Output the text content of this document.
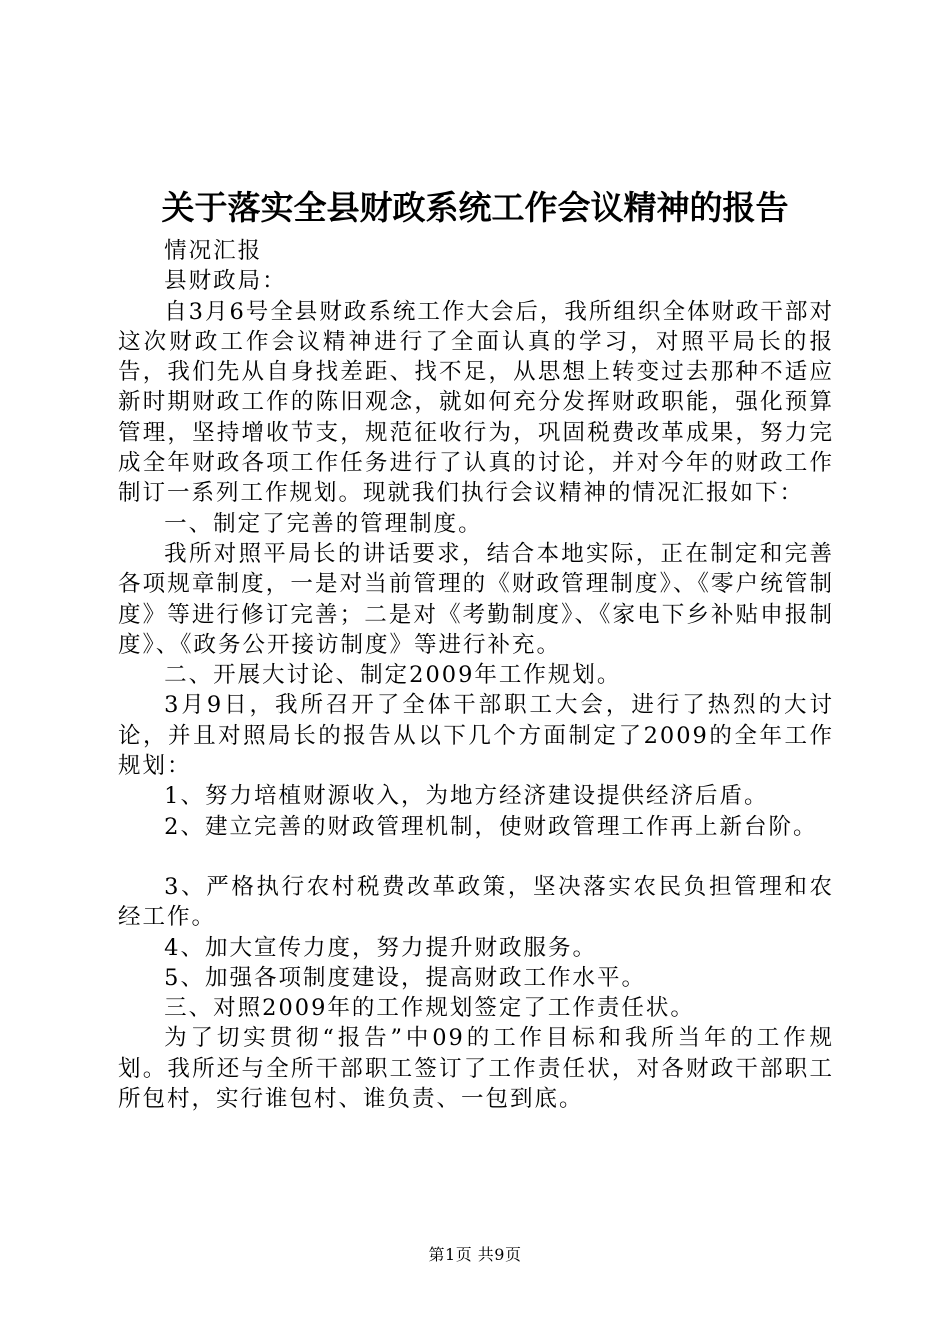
关于落实全县财政系统工作会议精神的报告

情况汇报

县财政局：

自3月6号全县财政系统工作大会后，我所组织全体财政干部对这次财政工作会议精神进行了全面认真的学习，对照平局长的报告，我们先从自身找差距、找不足，从思想上转变过去那种不适应新时期财政工作的陈旧观念，就如何充分发挥财政职能，强化预算管理，坚持增收节支，规范征收行为，巩固税费改革成果，努力完成全年财政各项工作任务进行了认真的讨论，并对今年的财政工作制订一系列工作规划。现就我们执行会议精神的情况汇报如下：

一、制定了完善的管理制度。

我所对照平局长的讲话要求，结合本地实际，正在制定和完善各项规章制度，一是对当前管理的《财政管理制度》、《零户统管制度》等进行修订完善；二是对《考勤制度》、《家电下乡补贴申报制度》、《政务公开接访制度》等进行补充。

二、开展大讨论、制定2009年工作规划。

3月9日，我所召开了全体干部职工大会，进行了热烈的大讨论，并且对照局长的报告从以下几个方面制定了2009的全年工作规划：

1、努力培植财源收入，为地方经济建设提供经济后盾。

2、建立完善的财政管理机制，使财政管理工作再上新台阶。

3、严格执行农村税费改革政策，坚决落实农民负担管理和农经工作。

4、加大宣传力度，努力提升财政服务。

5、加强各项制度建设，提高财政工作水平。

三、对照2009年的工作规划签定了工作责任状。

为了切实贯彻“报告”中09的工作目标和我所当年的工作规划。我所还与全所干部职工签订了工作责任状，对各财政干部职工所包村，实行谁包村、谁负责、一包到底。

第1页 共9页
